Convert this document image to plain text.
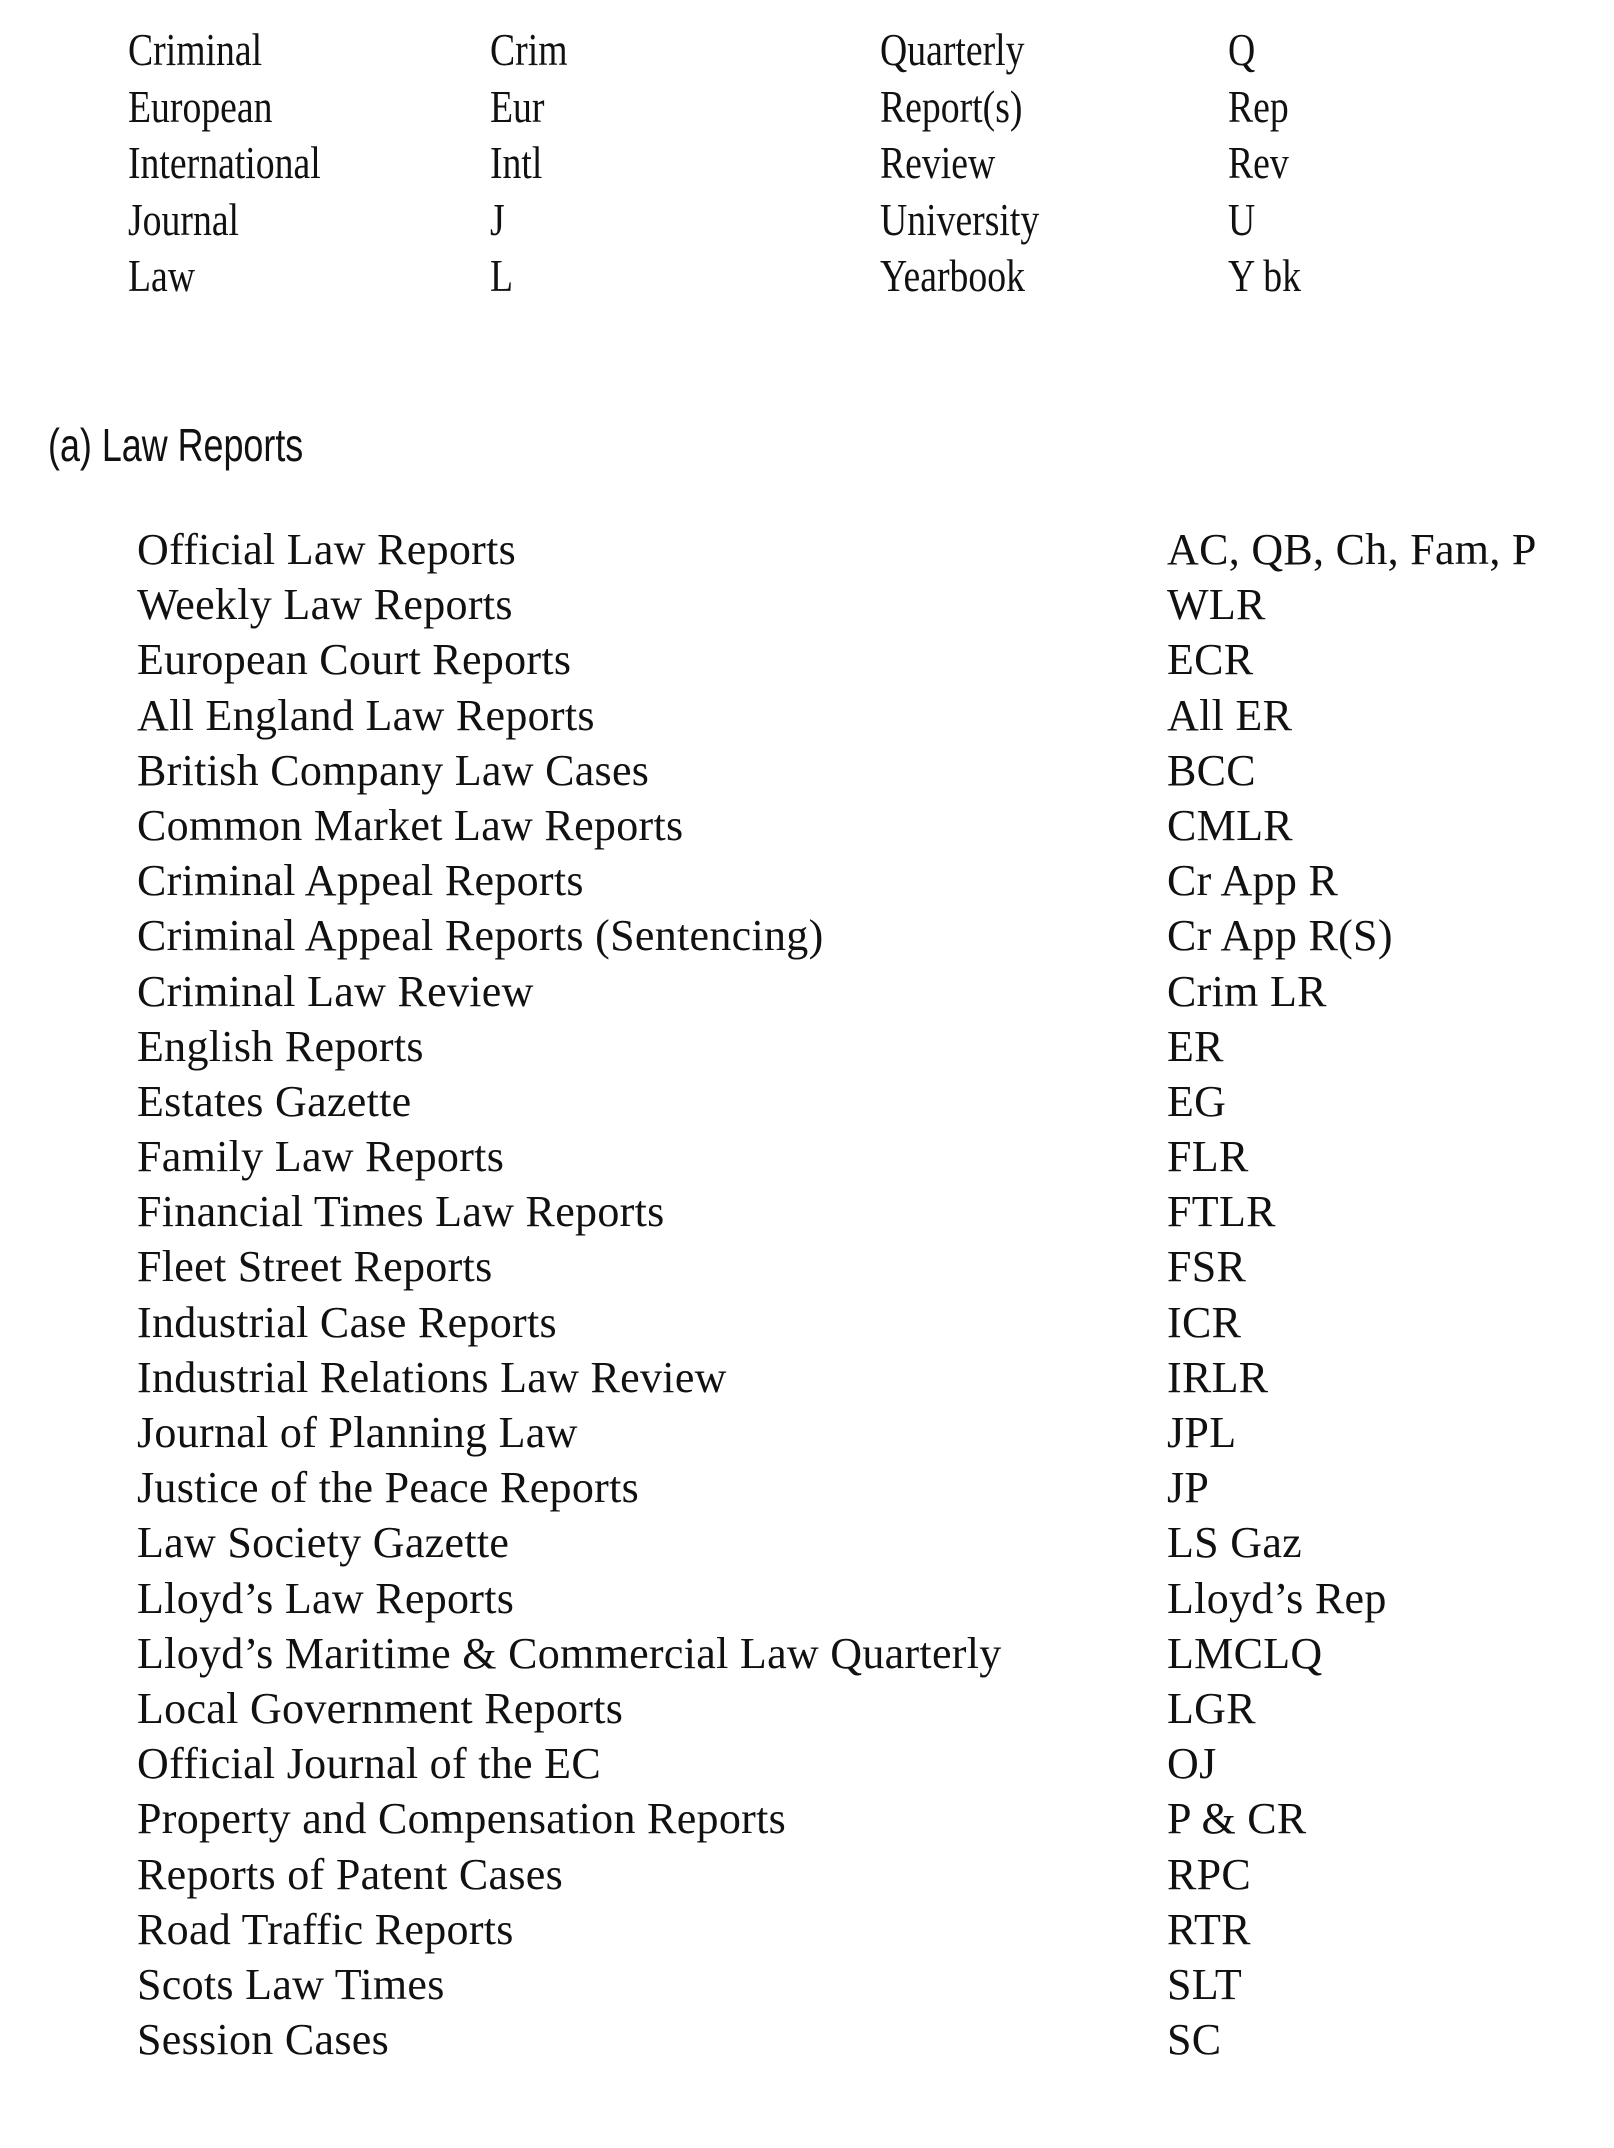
Criminal	Crim	Quarterly	Q
European	Eur	Report(s)	Rep
International	Intl	Review	Rev
Journal	J	University	U
Law	L	Yearbook	Y bk
(a) Law Reports
Official Law Reports	AC, QB, Ch, Fam, P
Weekly Law Reports	WLR
European Court Reports	ECR
All England Law Reports	All ER
British Company Law Cases	BCC
Common Market Law Reports	CMLR
Criminal Appeal Reports	Cr App R
Criminal Appeal Reports (Sentencing)	Cr App R(S)
Criminal Law Review	Crim LR
English Reports	ER
Estates Gazette	EG
Family Law Reports	FLR
Financial Times Law Reports	FTLR
Fleet Street Reports	FSR
Industrial Case Reports	ICR
Industrial Relations Law Review	IRLR
Journal of Planning Law	JPL
Justice of the Peace Reports	JP
Law Society Gazette	LS Gaz
Lloyd’s Law Reports	Lloyd’s Rep
Lloyd’s Maritime & Commercial Law Quarterly	LMCLQ
Local Government Reports	LGR
Official Journal of the EC	OJ
Property and Compensation Reports	P & CR
Reports of Patent Cases	RPC
Road Traffic Reports	RTR
Scots Law Times	SLT
Session Cases	SC
